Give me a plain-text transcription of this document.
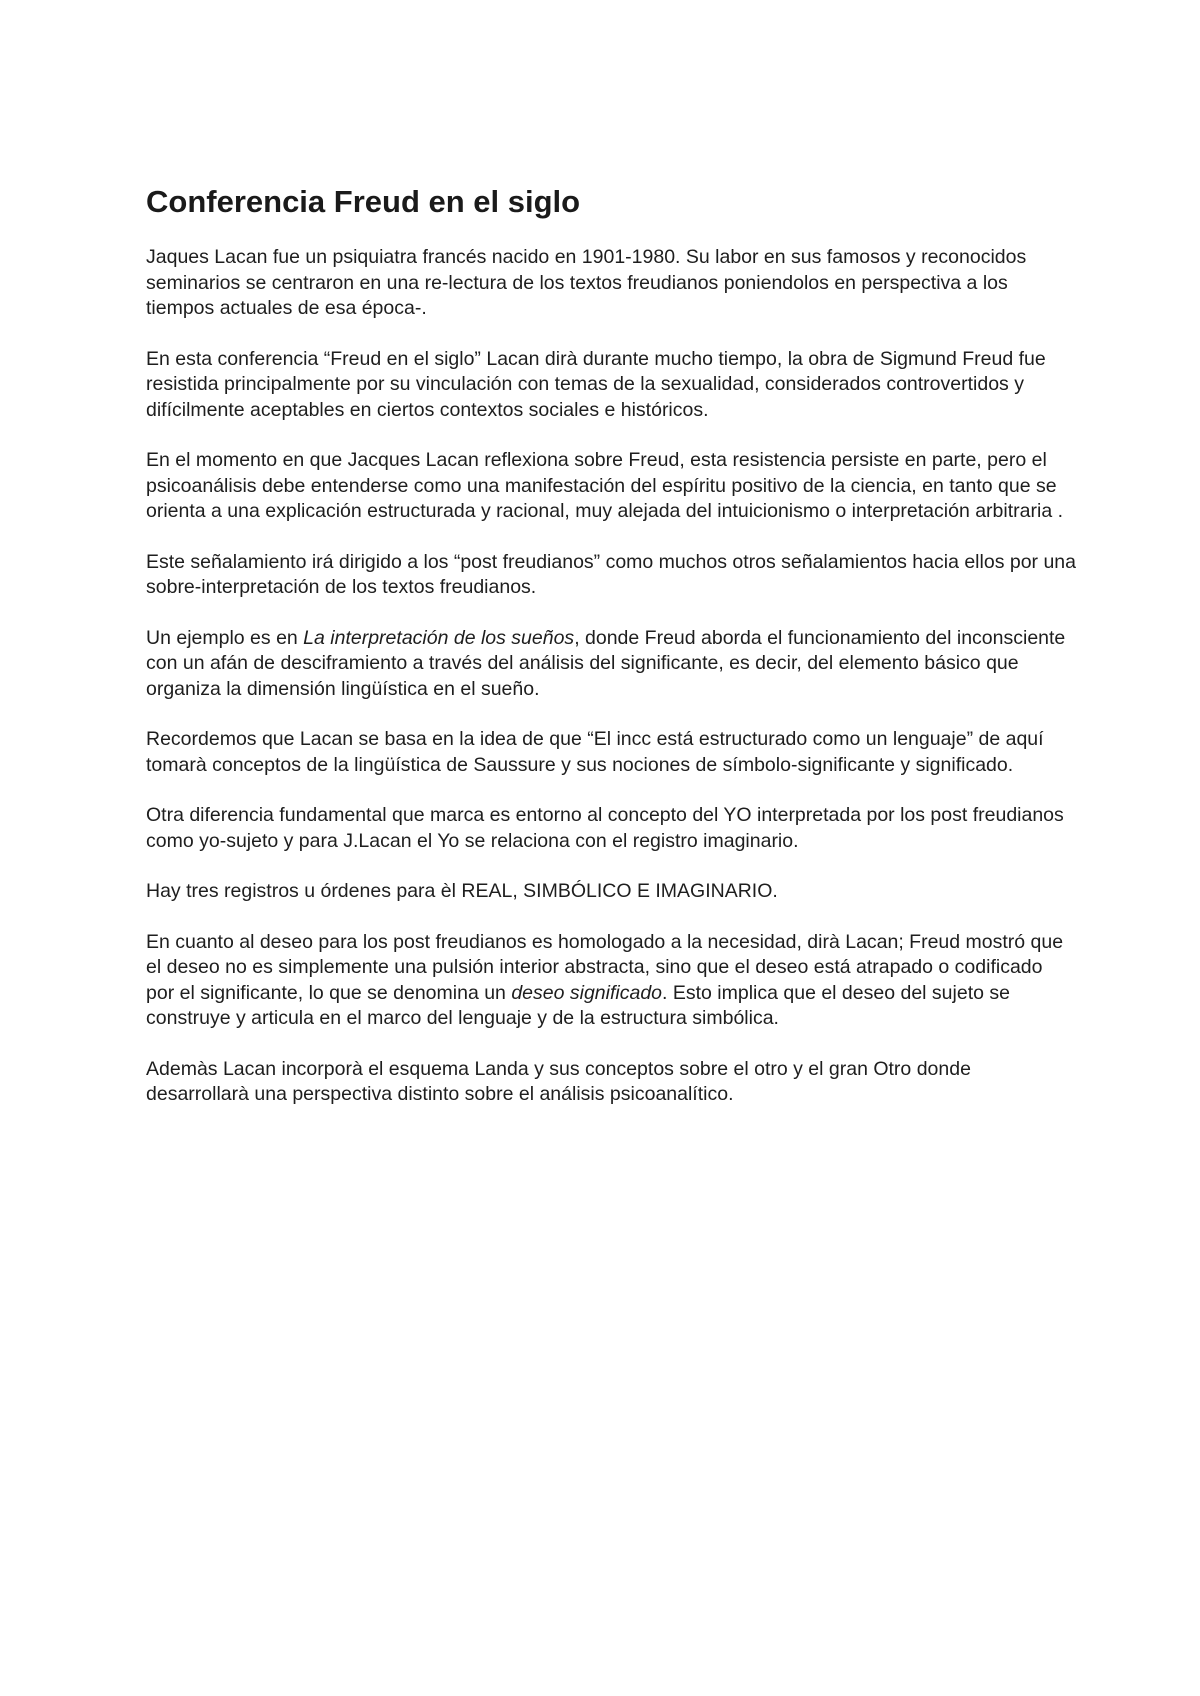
Conferencia Freud en el siglo

Jaques Lacan fue un psiquiatra francés nacido en 1901-1980. Su labor en sus famosos y reconocidos seminarios se centraron en una re-lectura de los textos freudianos poniendolos en perspectiva a los tiempos actuales de esa época-.

En esta conferencia “Freud en el siglo” Lacan dirà durante mucho tiempo, la obra de Sigmund Freud fue resistida principalmente por su vinculación con temas de la sexualidad, considerados controvertidos y difícilmente aceptables en ciertos contextos sociales e históricos.

En el momento en que Jacques Lacan reflexiona sobre Freud, esta resistencia persiste en parte, pero el psicoanálisis debe entenderse como una manifestación del espíritu positivo de la ciencia, en tanto que se orienta a una explicación estructurada y racional, muy alejada del intuicionismo o interpretación arbitraria .

Este señalamiento irá dirigido a los “post freudianos” como muchos otros señalamientos hacia ellos por una sobre-interpretación de los textos freudianos.

Un ejemplo es en La interpretación de los sueños, donde Freud aborda el funcionamiento del inconsciente con un afán de desciframiento a través del análisis del significante, es decir, del elemento básico que organiza la dimensión lingüística en el sueño.

Recordemos que Lacan se basa en la idea de que “El incc está estructurado como un lenguaje” de aquí tomarà conceptos de la lingüística de Saussure y sus nociones de símbolo-significante y significado.

Otra diferencia fundamental que marca es entorno al concepto del YO interpretada por los post freudianos como yo-sujeto y para J.Lacan el Yo se relaciona con el registro imaginario.

Hay tres registros u órdenes para èl REAL, SIMBÓLICO E IMAGINARIO.

En cuanto al deseo para los post freudianos es homologado a la necesidad, dirà Lacan; Freud mostró que el deseo no es simplemente una pulsión interior abstracta, sino que el deseo está atrapado o codificado por el significante, lo que se denomina un deseo significado. Esto implica que el deseo del sujeto se construye y articula en el marco del lenguaje y de la estructura simbólica.

Ademàs Lacan incorporà el esquema Landa y sus conceptos sobre el otro y el gran Otro donde desarrollarà una perspectiva distinto sobre el análisis psicoanalítico.
